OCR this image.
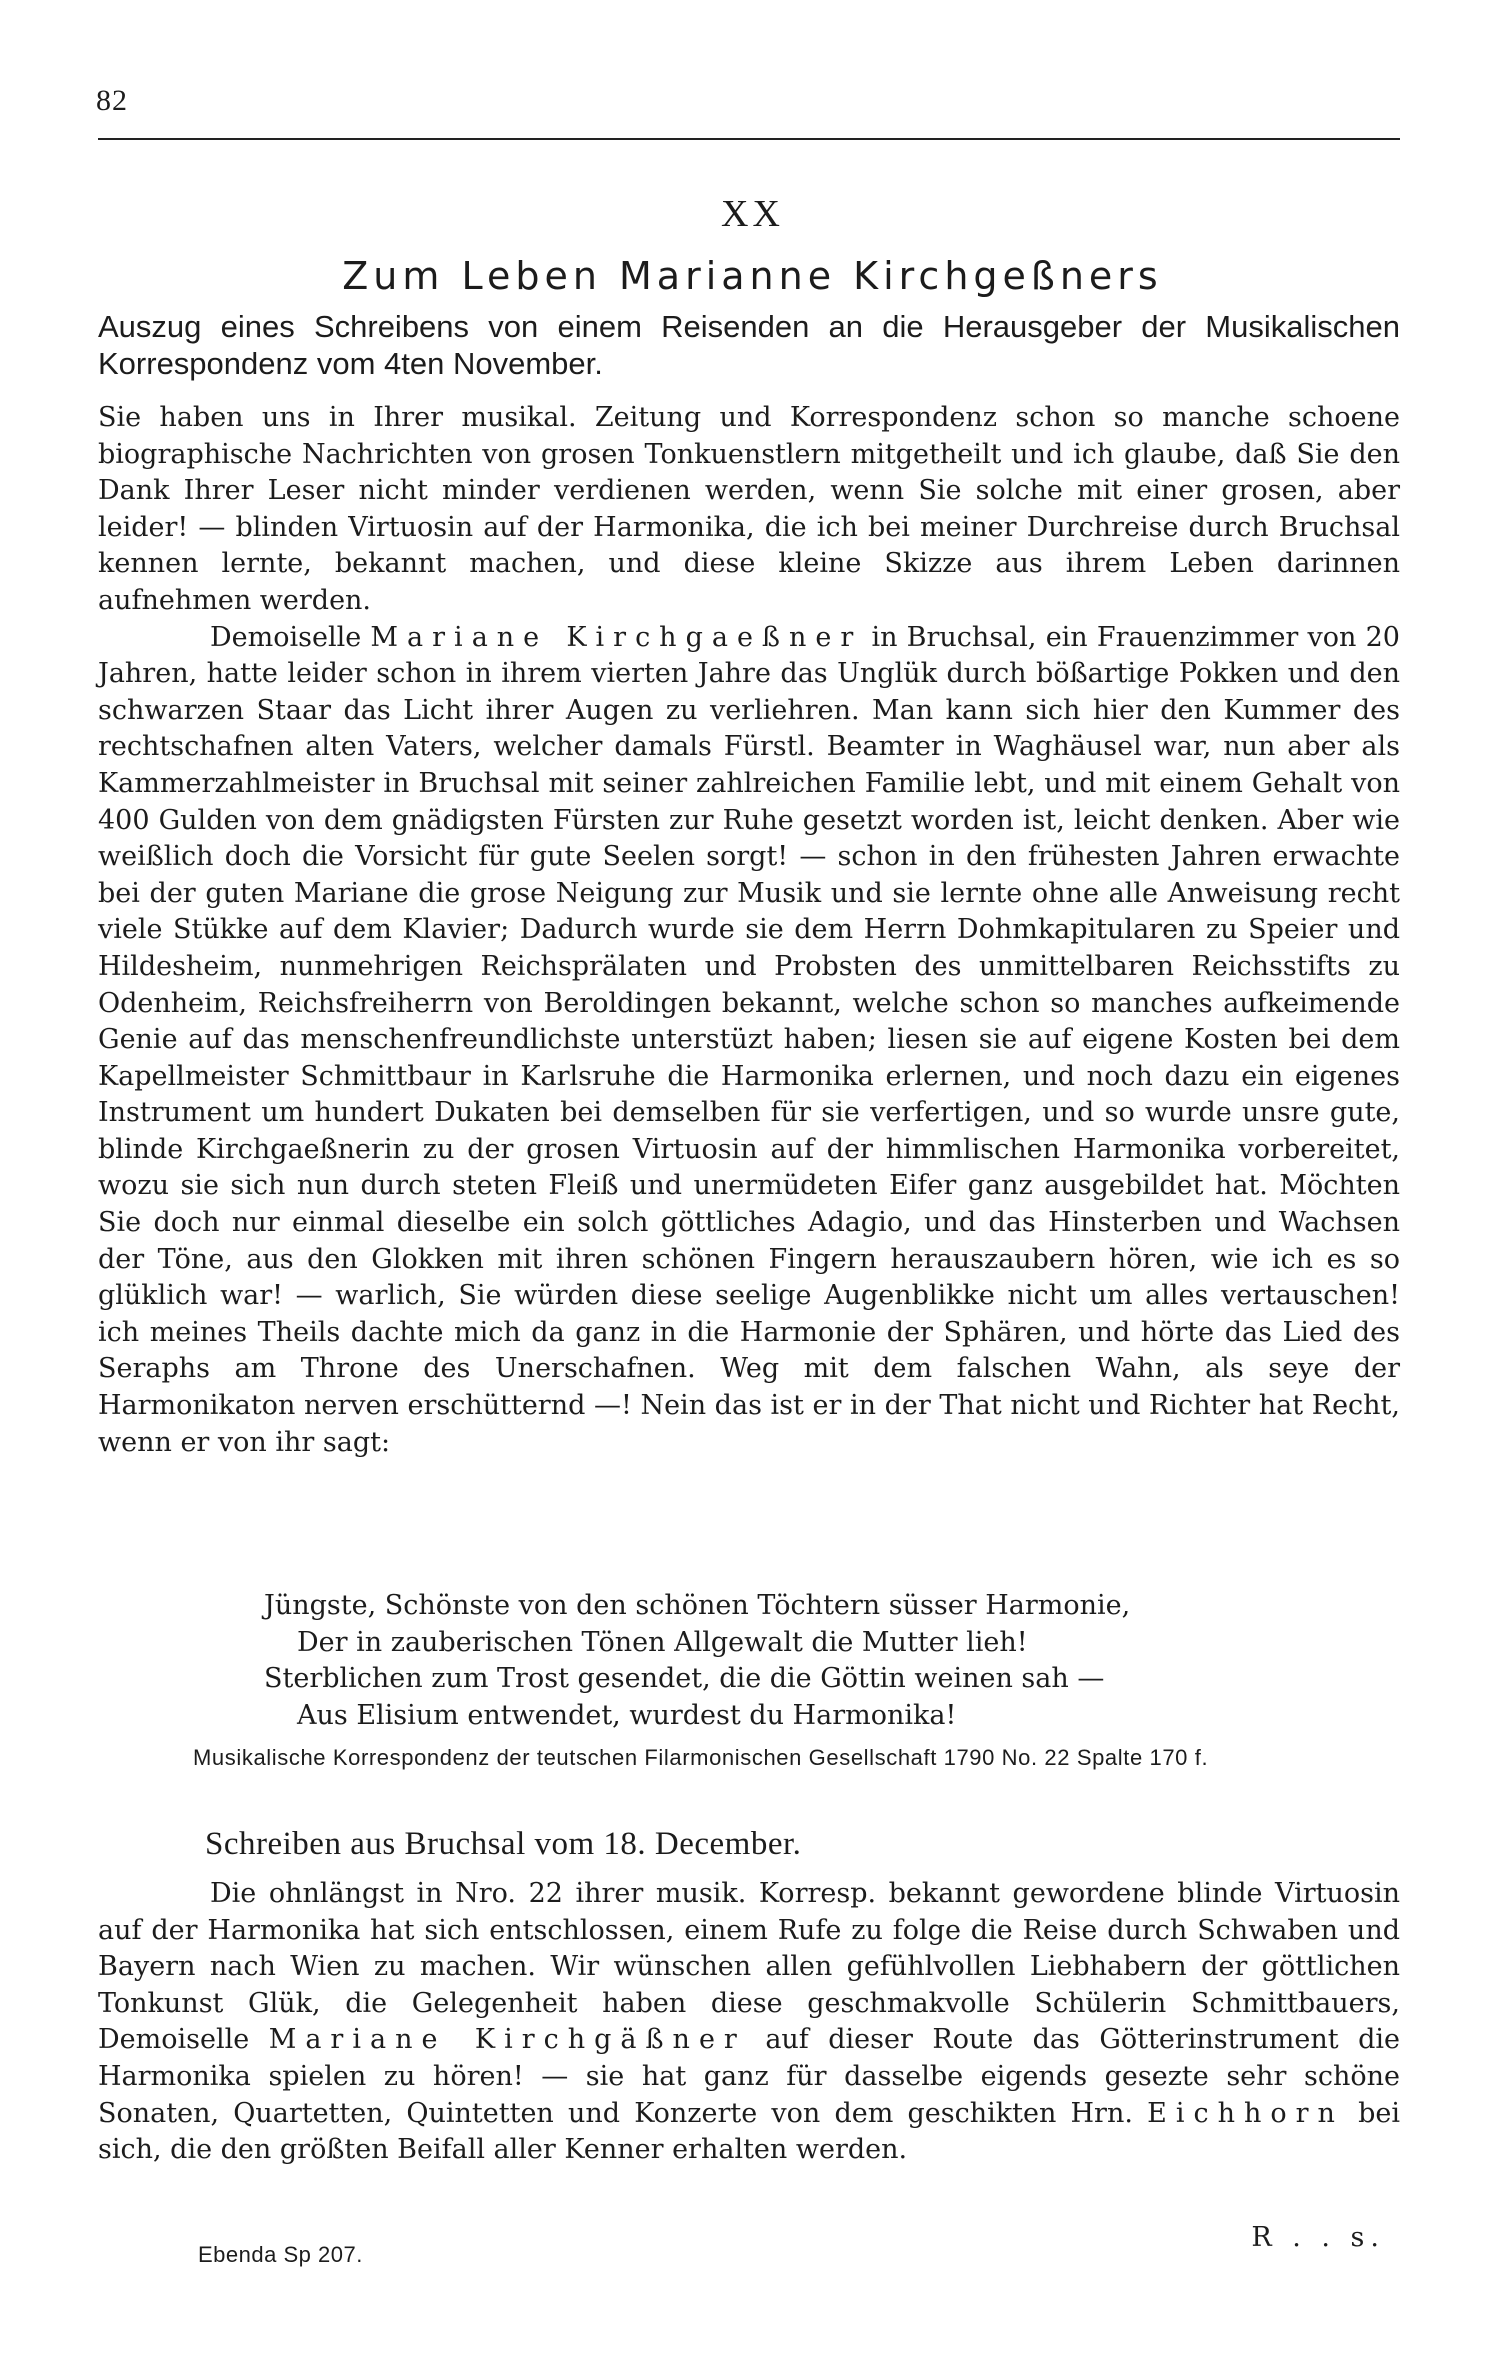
82
XX
Zum Leben Marianne Kirchgeßners
Auszug eines Schreibens von einem Reisenden an die Herausgeber der Musikalischen Korrespondenz vom 4ten November.

Sie haben uns in Ihrer musikal. Zeitung und Korrespondenz schon so manche schoene biographische Nachrichten von grosen Tonkuenstlern mitgetheilt und ich glaube, daß Sie den Dank Ihrer Leser nicht minder verdienen werden, wenn Sie solche mit einer grosen, aber leider! — blinden Virtuosin auf der Harmonika, die ich bei meiner Durchreise durch Bruchsal kennen lernte, bekannt machen, und diese kleine Skizze aus ihrem Leben darinnen aufnehmen werden.

Demoiselle Mariane Kirchgaeßner in Bruchsal, ein Frauenzimmer von 20 Jahren, hatte leider schon in ihrem vierten Jahre das Unglük durch bößartige Pokken und den schwarzen Staar das Licht ihrer Augen zu verliehren. Man kann sich hier den Kummer des rechtschafnen alten Vaters, welcher damals Fürstl. Beamter in Waghäusel war, nun aber als Kammerzahlmeister in Bruchsal mit seiner zahlreichen Familie lebt, und mit einem Gehalt von 400 Gulden von dem gnädigsten Fürsten zur Ruhe gesetzt worden ist, leicht denken. Aber wie weißlich doch die Vorsicht für gute Seelen sorgt! — schon in den frühesten Jahren erwachte bei der guten Mariane die grose Neigung zur Musik und sie lernte ohne alle Anweisung recht viele Stükke auf dem Klavier; Dadurch wurde sie dem Herrn Dohmkapitularen zu Speier und Hildesheim, nunmehrigen Reichsprälaten und Probsten des unmittelbaren Reichsstifts zu Odenheim, Reichsfreiherrn von Beroldingen bekannt, welche schon so manches aufkeimende Genie auf das menschenfreundlichste unterstüzt haben; liesen sie auf eigene Kosten bei dem Kapellmeister Schmittbaur in Karlsruhe die Harmonika erlernen, und noch dazu ein eigenes Instrument um hundert Dukaten bei demselben für sie verfertigen, und so wurde unsre gute, blinde Kirchgaeßnerin zu der grosen Virtuosin auf der himmlischen Harmonika vorbereitet, wozu sie sich nun durch steten Fleiß und unermüdeten Eifer ganz ausgebildet hat. Möchten Sie doch nur einmal dieselbe ein solch göttliches Adagio, und das Hinsterben und Wachsen der Töne, aus den Glokken mit ihren schönen Fingern herauszaubern hören, wie ich es so glüklich war! — warlich, Sie würden diese seelige Augenblikke nicht um alles vertauschen! ich meines Theils dachte mich da ganz in die Harmonie der Sphären, und hörte das Lied des Seraphs am Throne des Unerschafnen. Weg mit dem falschen Wahn, als seye der Harmonikaton nerven erschütternd —! Nein das ist er in der That nicht und Richter hat Recht, wenn er von ihr sagt:

Jüngste, Schönste von den schönen Töchtern süsser Harmonie,
Der in zauberischen Tönen Allgewalt die Mutter lieh!
Sterblichen zum Trost gesendet, die die Göttin weinen sah —
Aus Elisium entwendet, wurdest du Harmonika!
Musikalische Korrespondenz der teutschen Filarmonischen Gesellschaft 1790 No. 22 Spalte 170 f.
Schreiben aus Bruchsal vom 18. December.

Die ohnlängst in Nro. 22 ihrer musik. Korresp. bekannt gewordene blinde Virtuosin auf der Harmonika hat sich entschlossen, einem Rufe zu folge die Reise durch Schwaben und Bayern nach Wien zu machen. Wir wünschen allen gefühlvollen Liebhabern der göttlichen Tonkunst Glük, die Gelegenheit haben diese geschmakvolle Schülerin Schmittbauers, Demoiselle Mariane Kirchgäßner auf dieser Route das Götterinstrument die Harmonika spielen zu hören! — sie hat ganz für dasselbe eigends gesezte sehr schöne Sonaten, Quartetten, Quintetten und Konzerte von dem geschikten Hrn. Eichhorn bei sich, die den größten Beifall aller Kenner erhalten werden.

R . . s.
Ebenda Sp 207.
